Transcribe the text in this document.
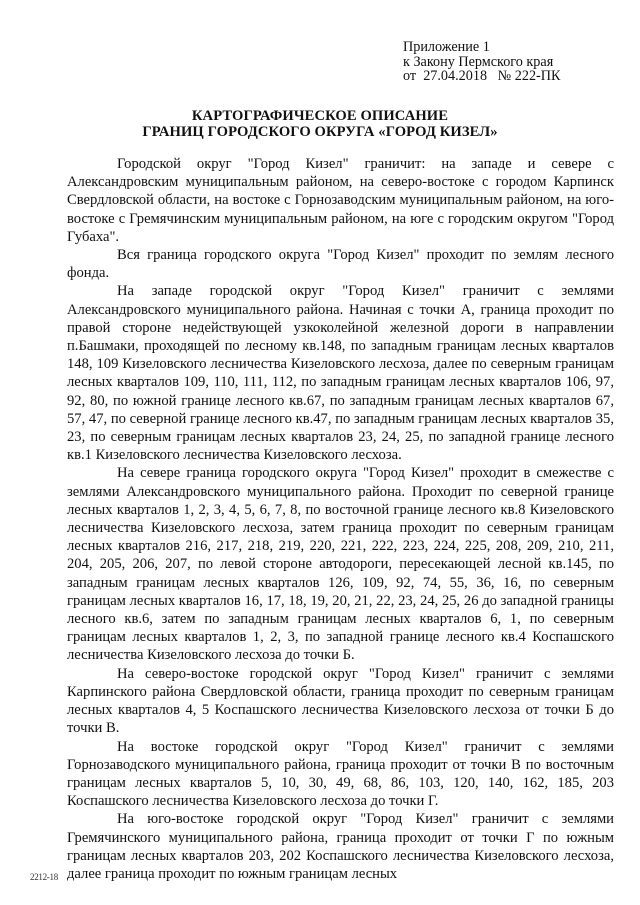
Приложение 1
к Закону Пермского края
от  27.04.2018   № 222-ПК
КАРТОГРАФИЧЕСКОЕ ОПИСАНИЕ
ГРАНИЦ ГОРОДСКОГО ОКРУГА «ГОРОД КИЗЕЛ»

Городской округ "Город Кизел" граничит: на западе и севере с Александровским муниципальным районом, на северо-востоке с городом Карпинск Свердловской области, на востоке с Горнозаводским муниципальным районом, на юго-востоке с Гремячинским муниципальным районом, на юге с городским округом "Город Губаха".

Вся граница городского округа "Город Кизел" проходит по землям лесного фонда.

На западе городской округ "Город Кизел" граничит с землями Александровского муниципального района. Начиная с точки А, граница проходит по правой стороне недействующей узкоколейной железной дороги в направлении п.Башмаки, проходящей по лесному кв.148, по западным границам лесных кварталов 148, 109 Кизеловского лесничества Кизеловского лесхоза, далее по северным границам лесных кварталов 109, 110, 111, 112, по западным границам лесных кварталов 106, 97, 92, 80, по южной границе лесного кв.67, по западным границам лесных кварталов 67, 57, 47, по северной границе лесного кв.47, по западным границам лесных кварталов 35, 23, по северным границам лесных кварталов 23, 24, 25, по западной границе лесного кв.1 Кизеловского лесничества Кизеловского лесхоза.

На севере граница городского округа "Город Кизел" проходит в смежестве с землями Александровского муниципального района. Проходит по северной границе лесных кварталов 1, 2, 3, 4, 5, 6, 7, 8, по восточной границе лесного кв.8 Кизеловского лесничества Кизеловского лесхоза, затем граница проходит по северным границам лесных кварталов 216, 217, 218, 219, 220, 221, 222, 223, 224, 225, 208, 209, 210, 211, 204, 205, 206, 207, по левой стороне автодороги, пересекающей лесной кв.145, по западным границам лесных кварталов 126, 109, 92, 74, 55, 36, 16, по северным границам лесных кварталов 16, 17, 18, 19, 20, 21, 22, 23, 24, 25, 26 до западной границы лесного кв.6, затем по западным границам лесных кварталов 6, 1, по северным границам лесных кварталов 1, 2, 3, по западной границе лесного кв.4 Коспашского лесничества Кизеловского лесхоза до точки Б.

На северо-востоке городской округ "Город Кизел" граничит с землями Карпинского района Свердловской области, граница проходит по северным границам лесных кварталов 4, 5 Коспашского лесничества Кизеловского лесхоза от точки Б до точки В.

На востоке городской округ "Город Кизел" граничит с землями Горнозаводского муниципального района, граница проходит от точки В по восточным границам лесных кварталов 5, 10, 30, 49, 68, 86, 103, 120, 140, 162, 185, 203 Коспашского лесничества Кизеловского лесхоза до точки Г.

На юго-востоке городской округ "Город Кизел" граничит с землями Гремячинского муниципального района, граница проходит от точки Г по южным границам лесных кварталов 203, 202 Коспашского лесничества Кизеловского лесхоза, далее граница проходит по южным границам лесных

2212-18
